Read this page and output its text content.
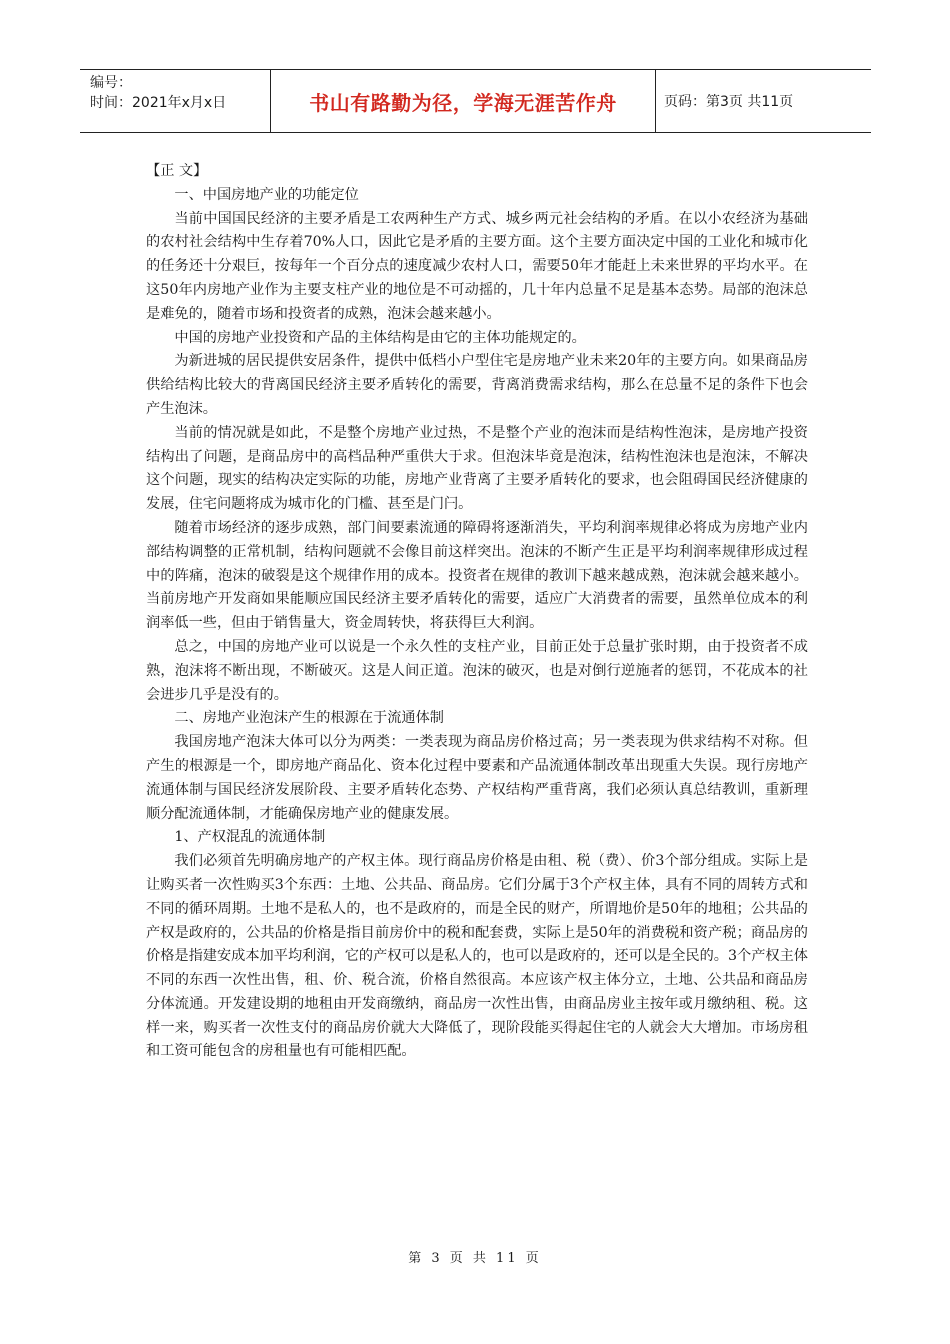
编号：
时间：2021年x月x日	书山有路勤为径，学海无涯苦作舟	页码：第3页 共11页

【正 文】

一、中国房地产业的功能定位

当前中国国民经济的主要矛盾是工农两种生产方式、城乡两元社会结构的矛盾。在以小农经济为基础的农村社会结构中生存着70%人口，因此它是矛盾的主要方面。这个主要方面决定中国的工业化和城市化的任务还十分艰巨，按每年一个百分点的速度减少农村人口，需要50年才能赶上未来世界的平均水平。在这50年内房地产业作为主要支柱产业的地位是不可动摇的，几十年内总量不足是基本态势。局部的泡沫总是难免的，随着市场和投资者的成熟，泡沫会越来越小。

中国的房地产业投资和产品的主体结构是由它的主体功能规定的。

为新进城的居民提供安居条件，提供中低档小户型住宅是房地产业未来20年的主要方向。如果商品房供给结构比较大的背离国民经济主要矛盾转化的需要，背离消费需求结构，那么在总量不足的条件下也会产生泡沫。

当前的情况就是如此，不是整个房地产业过热，不是整个产业的泡沫而是结构性泡沫，是房地产投资结构出了问题，是商品房中的高档品种严重供大于求。但泡沫毕竟是泡沫，结构性泡沫也是泡沫，不解决这个问题，现实的结构决定实际的功能，房地产业背离了主要矛盾转化的要求，也会阻碍国民经济健康的发展，住宅问题将成为城市化的门槛、甚至是门闩。

随着市场经济的逐步成熟，部门间要素流通的障碍将逐渐消失，平均利润率规律必将成为房地产业内部结构调整的正常机制，结构问题就不会像目前这样突出。泡沫的不断产生正是平均利润率规律形成过程中的阵痛，泡沫的破裂是这个规律作用的成本。投资者在规律的教训下越来越成熟，泡沫就会越来越小。当前房地产开发商如果能顺应国民经济主要矛盾转化的需要，适应广大消费者的需要，虽然单位成本的利润率低一些，但由于销售量大，资金周转快，将获得巨大利润。

总之，中国的房地产业可以说是一个永久性的支柱产业，目前正处于总量扩张时期，由于投资者不成熟，泡沫将不断出现，不断破灭。这是人间正道。泡沫的破灭，也是对倒行逆施者的惩罚，不花成本的社会进步几乎是没有的。

二、房地产业泡沫产生的根源在于流通体制

我国房地产泡沫大体可以分为两类：一类表现为商品房价格过高；另一类表现为供求结构不对称。但产生的根源是一个，即房地产商品化、资本化过程中要素和产品流通体制改革出现重大失误。现行房地产流通体制与国民经济发展阶段、主要矛盾转化态势、产权结构严重背离，我们必须认真总结教训，重新理顺分配流通体制，才能确保房地产业的健康发展。

1、产权混乱的流通体制

我们必须首先明确房地产的产权主体。现行商品房价格是由租、税（费）、价3个部分组成。实际上是让购买者一次性购买3个东西：土地、公共品、商品房。它们分属于3个产权主体，具有不同的周转方式和不同的循环周期。土地不是私人的，也不是政府的，而是全民的财产，所谓地价是50年的地租；公共品的产权是政府的，公共品的价格是指目前房价中的税和配套费，实际上是50年的消费税和资产税；商品房的价格是指建安成本加平均利润，它的产权可以是私人的，也可以是政府的，还可以是全民的。3个产权主体不同的东西一次性出售，租、价、税合流，价格自然很高。本应该产权主体分立，土地、公共品和商品房分体流通。开发建设期的地租由开发商缴纳，商品房一次性出售，由商品房业主按年或月缴纳租、税。这样一来，购买者一次性支付的商品房价就大大降低了，现阶段能买得起住宅的人就会大大增加。市场房租和工资可能包含的房租量也有可能相匹配。

第 3 页 共 11 页
